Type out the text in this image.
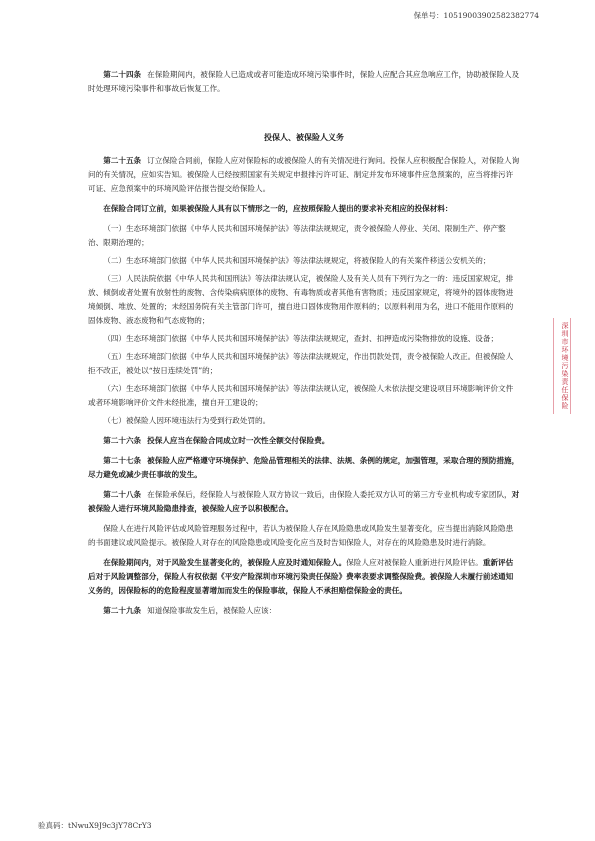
保单号：10519003902582382774
深圳市环境污染责任保险

第二十四条 在保险期间内，被保险人已造成或者可能造成环境污染事件时，保险人应配合其应急响应工作，协助被保险人及时处理环境污染事件和事故后恢复工作。

投保人、被保险人义务

第二十五条 订立保险合同前，保险人应对保险标的或被保险人的有关情况进行询问。投保人应积极配合保险人，对保险人询问的有关情况，应如实告知。被保险人已经按照国家有关规定申报排污许可证、制定并发布环境事件应急预案的，应当将排污许可证、应急预案中的环境风险评估报告提交给保险人。

在保险合同订立前，如果被保险人具有以下情形之一的，应按照保险人提出的要求补充相应的投保材料：

（一）生态环境部门依据《中华人民共和国环境保护法》等法律法规规定，责令被保险人停业、关闭、限制生产、停产整治、限期治理的；

（二）生态环境部门依据《中华人民共和国环境保护法》等法律法规规定，将被保险人的有关案件移送公安机关的；

（三）人民法院依据《中华人民共和国刑法》等法律法规认定，被保险人及有关人员有下列行为之一的：违反国家规定，排放、倾倒或者处置有放射性的废物、含传染病病原体的废物、有毒物质或者其他有害物质；违反国家规定，将境外的固体废物进境倾倒、堆放、处置的；未经国务院有关主管部门许可，擅自进口固体废物用作原料的；以原料利用为名，进口不能用作原料的固体废物、液态废物和气态废物的；

（四）生态环境部门依据《中华人民共和国环境保护法》等法律法规规定，查封、扣押造成污染物排放的设施、设备；

（五）生态环境部门依据《中华人民共和国环境保护法》等法律法规规定，作出罚款处罚，责令被保险人改正。但被保险人拒不改正，被处以“按日连续处罚”的；

（六）生态环境部门依据《中华人民共和国环境保护法》等法律法规认定，被保险人未依法提交建设项目环境影响评价文件或者环境影响评价文件未经批准，擅自开工建设的；

（七）被保险人因环境违法行为受到行政处罚的。

第二十六条 投保人应当在保险合同成立时一次性全额交付保险费。

第二十七条 被保险人应严格遵守环境保护、危险品管理相关的法律、法规、条例的规定，加强管理，采取合理的预防措施，尽力避免或减少责任事故的发生。

第二十八条 在保险承保后，经保险人与被保险人双方协议一致后，由保险人委托双方认可的第三方专业机构或专家团队，对被保险人进行环境风险隐患排查，被保险人应予以积极配合。

保险人在进行风险评估或风险管理服务过程中，若认为被保险人存在风险隐患或风险发生显著变化，应当提出消除风险隐患的书面建议或风险提示。被保险人对存在的风险隐患或风险变化应当及时告知保险人，对存在的风险隐患及时进行消除。

在保险期间内，对于风险发生显著变化的，被保险人应及时通知保险人。保险人应对被保险人重新进行风险评估。重新评估后对于风险调整部分，保险人有权依据《平安产险深圳市环境污染责任保险》费率表要求调整保险费。被保险人未履行前述通知义务的，因保险标的的危险程度显著增加而发生的保险事故，保险人不承担赔偿保险金的责任。

第二十九条 知道保险事故发生后，被保险人应该：

验真码：tNwuX9J9c3jY78CrY3
